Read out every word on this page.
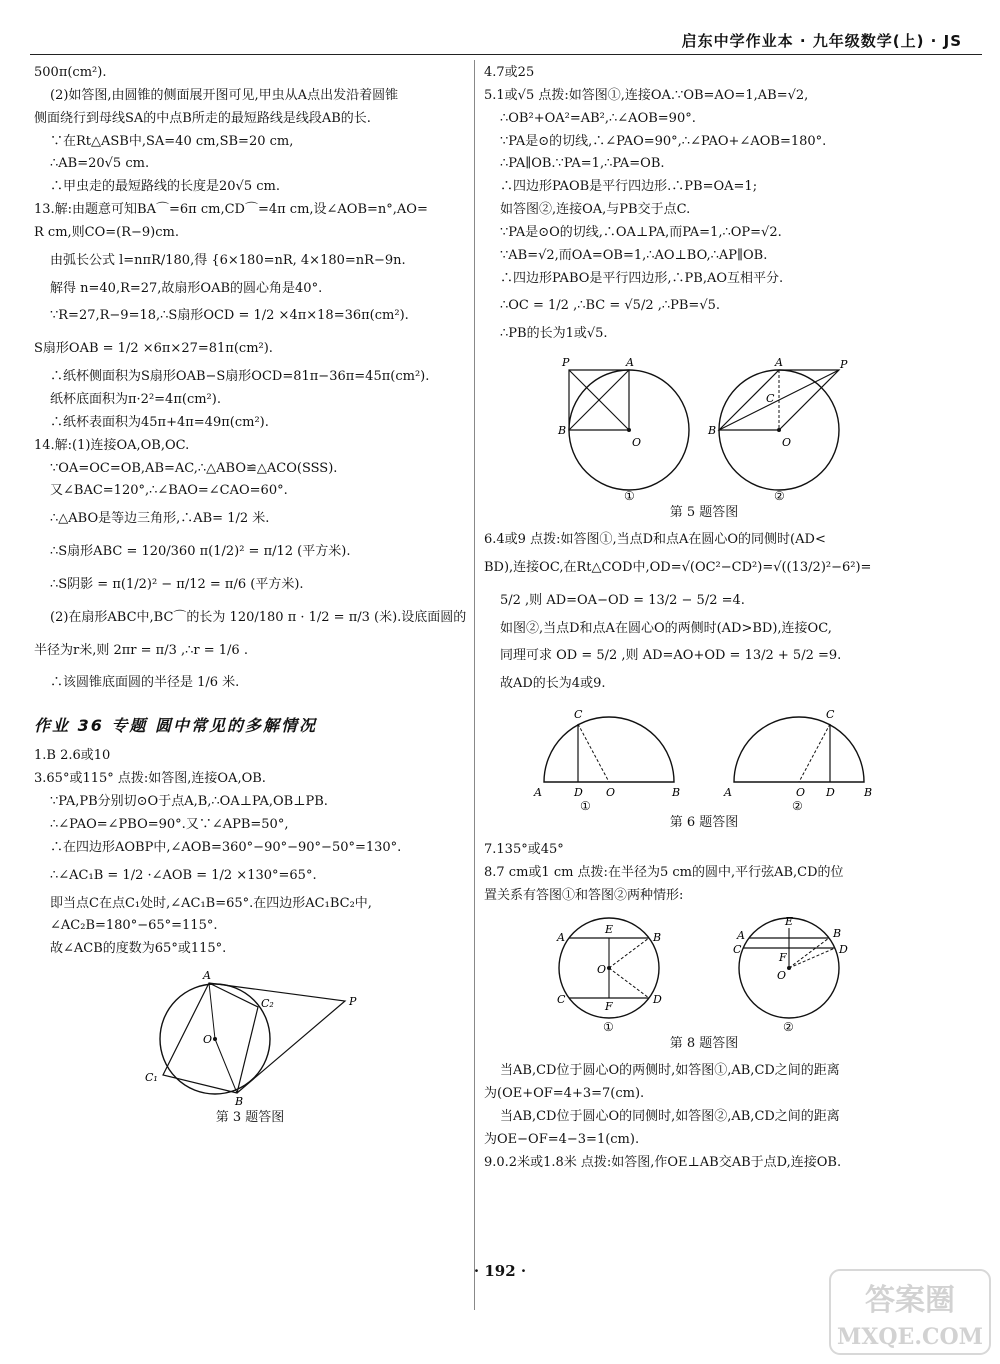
启东中学作业本 · 九年级数学(上) · JS

500π(cm²).

(2)如答图,由圆锥的侧面展开图可见,甲虫从A点出发沿着圆锥

侧面绕行到母线SA的中点B所走的最短路线是线段AB的长.

∵在Rt△ASB中,SA=40 cm,SB=20 cm,

∴AB=20√5 cm.

∴甲虫走的最短路线的长度是20√5 cm.

13.解:由题意可知BA⌒=6π cm,CD⌒=4π cm,设∠AOB=n°,AO=

R cm,则CO=(R−9)cm.

由弧长公式 l=nπR/180,得 {6×180=nR, 4×180=nR−9n.

解得 n=40,R=27,故扇形OAB的圆心角是40°.

∵R=27,R−9=18,∴S扇形OCD = 1/2 ×4π×18=36π(cm²).

S扇形OAB = 1/2 ×6π×27=81π(cm²).

∴纸杯侧面积为S扇形OAB−S扇形OCD=81π−36π=45π(cm²).

纸杯底面积为π·2²=4π(cm²).

∴纸杯表面积为45π+4π=49π(cm²).

14.解:(1)连接OA,OB,OC.

∵OA=OC=OB,AB=AC,∴△ABO≌△ACO(SSS).

又∠BAC=120°,∴∠BAO=∠CAO=60°.

∴△ABO是等边三角形,∴AB= 1/2 米.

∴S扇形ABC = 120/360 π(1/2)² = π/12 (平方米).

∴S阴影 = π(1/2)² − π/12 = π/6 (平方米).

(2)在扇形ABC中,BC⌒的长为 120/180 π · 1/2 = π/3 (米).设底面圆的

半径为r米,则 2πr = π/3 ,∴r = 1/6 .

∴该圆锥底面圆的半径是 1/6 米.

作业 36 专题 圆中常见的多解情况

1.B 2.6或10

3.65°或115° 点拨:如答图,连接OA,OB.

∵PA,PB分别切⊙O于点A,B,∴OA⊥PA,OB⊥PB.

∴∠PAO=∠PBO=90°.又∵∠APB=50°,

∴在四边形AOBP中,∠AOB=360°−90°−90°−50°=130°.

∴∠AC₁B = 1/2 ·∠AOB = 1/2 ×130°=65°.

即当点C在点C₁处时,∠AC₁B=65°.在四边形AC₁BC₂中,

∠AC₂B=180°−65°=115°.

故∠ACB的度数为65°或115°.

A
C₂	P
O
C₁
B

第 3 题答图

4.7或25

5.1或√5 点拨:如答图①,连接OA.∵OB=AO=1,AB=√2,

∴OB²+OA²=AB²,∴∠AOB=90°.

∵PA是⊙的切线,∴∠PAO=90°,∴∠PAO+∠AOB=180°.

∴PA∥OB.∵PA=1,∴PA=OB.

∴四边形PAOB是平行四边形.∴PB=OA=1;

如答图②,连接OA,与PB交于点C.

∵PA是⊙O的切线,∴OA⊥PA,而PA=1,∴OP=√2.

∵AB=√2,而OA=OB=1,∴AO⊥BO,∴AP∥OB.

∴四边形PABO是平行四边形,∴PB,AO互相平分.

∴OC = 1/2 ,∴BC = √5/2 ,∴PB=√5.

∴PB的长为1或√5.

P	A
B
O
①
A	P
B
C
O
②

第 5 题答图

6.4或9 点拨:如答图①,当点D和点A在圆心O的同侧时(AD<

BD),连接OC,在Rt△COD中,OD=√(OC²−CD²)=√((13/2)²−6²)=

5/2 ,则 AD=OA−OD = 13/2 − 5/2 =4.

如图②,当点D和点A在圆心O的两侧时(AD>BD),连接OC,

同理可求 OD = 5/2 ,则 AD=AO+OD = 13/2 + 5/2 =9.

故AD的长为4或9.

C
A	D O	B
①
C
A	O D	B
②

第 6 题答图

7.135°或45°

8.7 cm或1 cm 点拨:在半径为5 cm的圆中,平行弦AB,CD的位

置关系有答图①和答图②两种情形:

A
E
B
O
C
F
D
①
A
E
B
C
F
D
O
②

第 8 题答图

当AB,CD位于圆心O的两侧时,如答图①,AB,CD之间的距离

为(OE+OF=4+3=7(cm).

当AB,CD位于圆心O的同侧时,如答图②,AB,CD之间的距离

为OE−OF=4−3=1(cm).

9.0.2米或1.8米 点拨:如答图,作OE⊥AB交AB于点D,连接OB.

· 192 ·
答案圈
MXQE.COM
